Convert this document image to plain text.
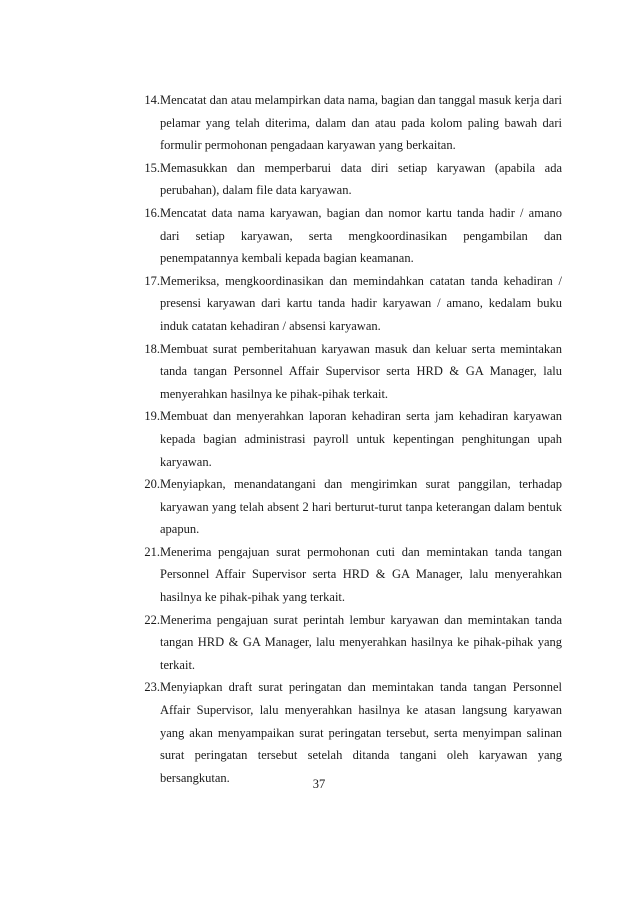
14. Mencatat dan atau melampirkan data nama, bagian dan tanggal masuk kerja dari pelamar yang telah diterima, dalam dan atau pada kolom paling bawah dari formulir permohonan pengadaan karyawan yang berkaitan.
15. Memasukkan dan memperbarui data diri setiap karyawan (apabila ada perubahan), dalam file data karyawan.
16. Mencatat data nama karyawan, bagian dan nomor kartu tanda hadir / amano dari setiap karyawan, serta mengkoordinasikan pengambilan dan penempatannya kembali kepada bagian keamanan.
17. Memeriksa, mengkoordinasikan dan memindahkan catatan tanda kehadiran / presensi karyawan dari kartu tanda hadir karyawan / amano, kedalam buku induk catatan kehadiran / absensi karyawan.
18. Membuat surat pemberitahuan karyawan masuk dan keluar serta memintakan tanda tangan Personnel Affair Supervisor serta HRD & GA Manager, lalu menyerahkan hasilnya ke pihak-pihak terkait.
19. Membuat dan menyerahkan laporan kehadiran serta jam kehadiran karyawan kepada bagian administrasi payroll untuk kepentingan penghitungan upah karyawan.
20. Menyiapkan, menandatangani dan mengirimkan surat panggilan, terhadap karyawan yang telah absent 2 hari berturut-turut tanpa keterangan dalam bentuk apapun.
21. Menerima pengajuan surat permohonan cuti dan memintakan tanda tangan Personnel Affair Supervisor serta HRD & GA Manager, lalu menyerahkan hasilnya ke pihak-pihak yang terkait.
22. Menerima pengajuan surat perintah lembur karyawan dan memintakan tanda tangan HRD & GA Manager, lalu menyerahkan hasilnya ke pihak-pihak yang terkait.
23. Menyiapkan draft surat peringatan dan memintakan tanda tangan Personnel Affair Supervisor, lalu menyerahkan hasilnya ke atasan langsung karyawan yang akan menyampaikan surat peringatan tersebut, serta menyimpan salinan surat peringatan tersebut setelah ditanda tangani oleh karyawan yang bersangkutan.	37
